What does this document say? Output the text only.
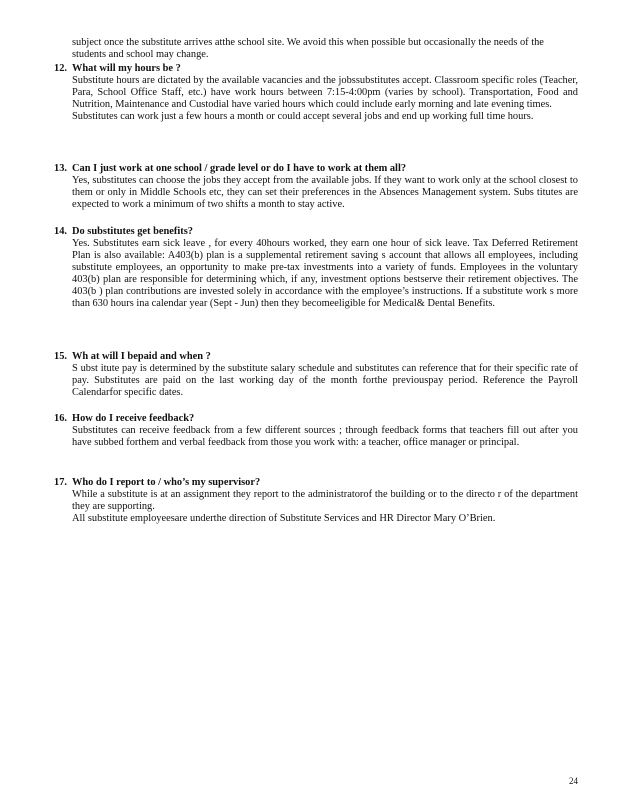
subject once the substitute arrives atthe school site. We avoid this when possible but occasionally the needs of the students and school may change.
12. What will my hours be ?

Substitute hours are dictated by the available vacancies and the jobssubstitutes accept. Classroom specific roles (Teacher, Para, School Office Staff, etc.) have work hours between 7:15-4:00pm (varies by school). Transportation, Food and Nutrition, Maintenance and Custodial have varied hours which could include early morning and late evening times.

Substitutes can work just a few hours a month or could accept several jobs and end up working full time hours.

13. Can I just work at one school / grade level or do I have to work at them all?

Yes, substitutes can choose the jobs they accept from the available jobs. If they want to work only at the school closest to them or only in Middle Schools etc, they can set their preferences in the Absences Management system. Subs titutes are expected to work a minimum of two shifts a month to stay active.

14. Do substitutes get benefits?

Yes. Substitutes earn sick leave , for every 40hours worked, they earn one hour of sick leave. Tax Deferred Retirement Plan is also available: A403(b) plan is a supplemental retirement saving s account that allows all employees, including substitute employees, an opportunity to make pre-tax investments into a variety of funds. Employees in the voluntary 403(b) plan are responsible for determining which, if any, investment options bestserve their retirement objectives. The 403(b ) plan contributions are invested solely in accordance with the employee’s instructions. If a substitute work s more than 630 hours ina calendar year (Sept - Jun) then they becomeeligible for Medical& Dental Benefits.

15. Wh at will I bepaid and when ?

S ubst itute pay is determined by the substitute salary schedule and substitutes can reference that for their specific rate of pay. Substitutes are paid on the last working day of the month forthe previouspay period. Reference the Payroll Calendarfor specific dates.

16. How do I receive feedback?

Substitutes can receive feedback from a few different sources ; through feedback forms that teachers fill out after you have subbed forthem and verbal feedback from those you work with: a teacher, office manager or principal.

17. Who do I report to / who’s my supervisor?

While a substitute is at an assignment they report to the administratorof the building or to the directo r of the department they are supporting.

All substitute employeesare underthe direction of Substitute Services and HR Director Mary O’Brien.

24
